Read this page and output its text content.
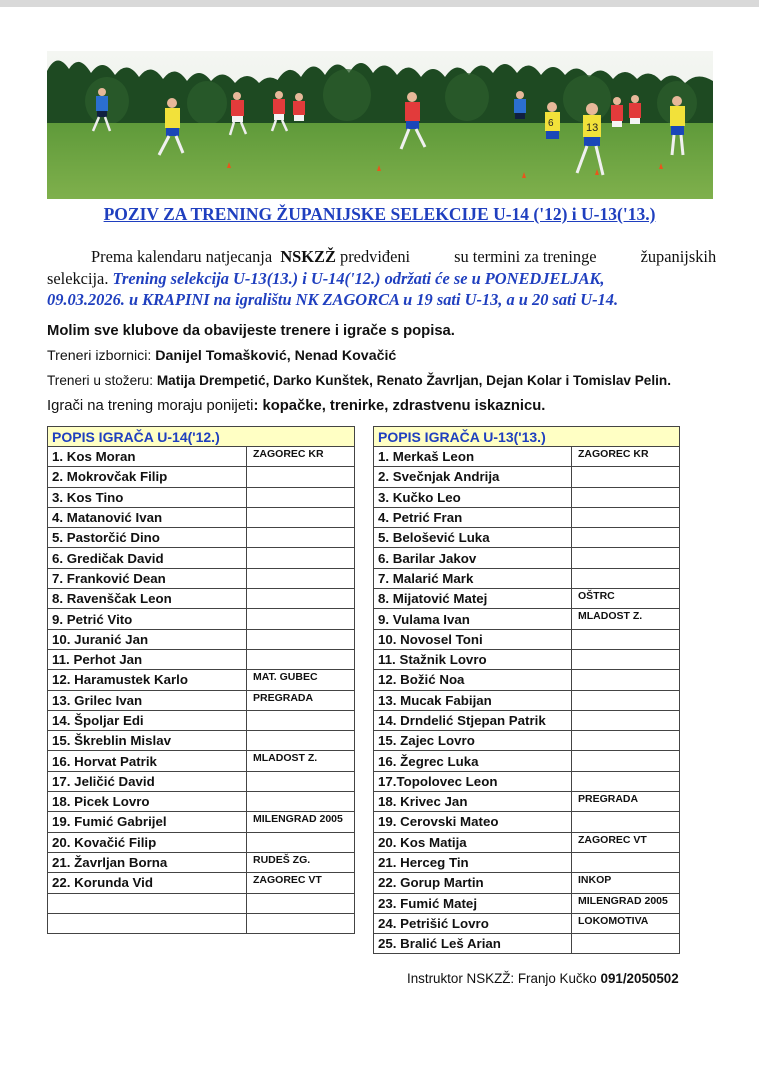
6	13
POZIV ZA TRENING ŽUPANIJSKE SELEKCIJE U-14 ('12) i U-13('13.)
Prema kalendaru natjecanja NSKZŽ predviđeni	su termini za treninge	županijskih
selekcija. Trening selekcija U-13(13.) i U-14('12.) održati će se u PONEDJELJAK,
09.03.2026. u KRAPINI na igralištu NK ZAGORCA u 19 sati U-13, a u 20 sati U-14.
Molim sve klubove da obavijeste trenere i igrače s popisa.
Treneri izbornici: Danijel Tomašković, Nenad Kovačić
Treneri u stožeru: Matija Drempetić, Darko Kunštek, Renato Žavrljan, Dejan Kolar i Tomislav Pelin.
Igrači na trening moraju ponijeti: kopačke, trenirke, zdrastvenu iskaznicu.
POPIS IGRAČA U-14('12.)	
1. Kos Moran	ZAGOREC KR
2. Mokrovčak Filip	
3. Kos Tino	
4. Matanović Ivan	
5. Pastorčić Dino	
6. Gredičak David	
7. Franković Dean	
8. Ravenščak Leon	
9. Petrić Vito	
10. Juranić Jan	
11. Perhot Jan	
12. Haramustek Karlo	MAT. GUBEC
13. Grilec Ivan	PREGRADA
14. Špoljar Edi	
15. Škreblin Mislav	
16. Horvat Patrik	MLADOST Z.
17. Jeličić David	
18. Picek Lovro	
19. Fumić Gabrijel	MILENGRAD 2005
20. Kovačić Filip	
21. Žavrljan Borna	RUDEŠ ZG.
22. Korunda Vid	ZAGOREC VT

POPIS IGRAČA U-13('13.)	
1. Merkaš Leon	ZAGOREC KR
2. Svečnjak Andrija	
3. Kučko Leo	
4. Petrić Fran	
5. Belošević Luka	
6. Barilar Jakov	
7. Malarić Mark	
8. Mijatović Matej	OŠTRC
9. Vulama Ivan	MLADOST Z.
10. Novosel Toni	
11. Stažnik Lovro	
12. Božić Noa	
13. Mucak Fabijan	
14. Drndelić Stjepan Patrik	
15. Zajec Lovro	
16. Žegrec Luka	
17.Topolovec Leon	
18. Krivec Jan	PREGRADA
19. Cerovski Mateo	
20. Kos Matija	ZAGOREC VT
21. Herceg Tin	
22. Gorup Martin	INKOP
23. Fumić Matej	MILENGRAD 2005
24. Petrišić Lovro	LOKOMOTIVA
25. Bralić Leš Arian	
Instruktor NSKZŽ: Franjo Kučko 091/2050502
